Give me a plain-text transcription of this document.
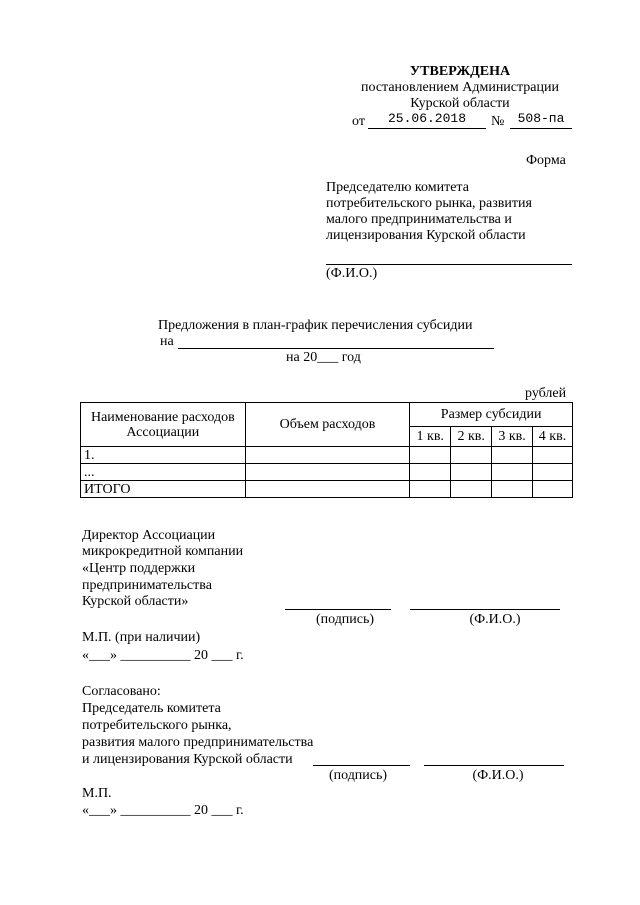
УТВЕРЖДЕНА
постановлением Администрации
Курской области
от	25.06.2018	№	508-па
Форма
Председателю комитета
потребительского рынка, развития
малого предпринимательства и
лицензирования Курской области
(Ф.И.О.)
Предложения в план-график перечисления субсидии
на
на 20___ год
рублей
Наименование расходов Ассоциации	Объем расходов	Размер субсидии			
		1 кв.	2 кв.	3 кв.	4 кв.
1.					
...					
ИТОГО					
Директор Ассоциации
микрокредитной компании
«Центр поддержки
предпринимательства
Курской области»
(подпись)	(Ф.И.О.)
М.П. (при наличии)
«___» __________ 20 ___ г.
Согласовано:
Председатель комитета
потребительского рынка,
развития малого предпринимательства
и лицензирования Курской области
(подпись)	(Ф.И.О.)
М.П.
«___» __________ 20 ___ г.
